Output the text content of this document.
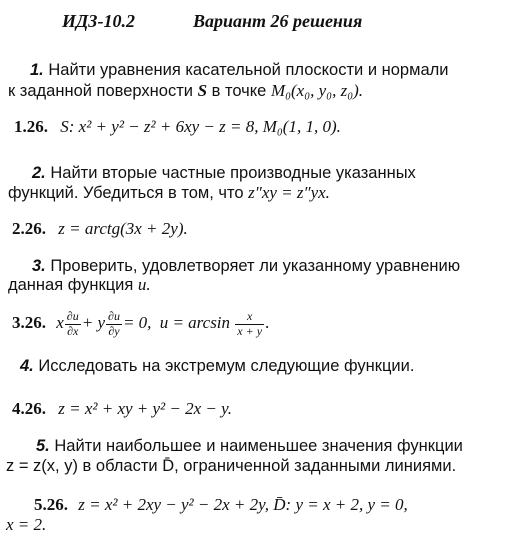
ИДЗ-10.2	Вариант 26 решения
1. Найти уравнения касательной плоскости и нормали
к заданной поверхности S в точке M₀(x₀, y₀, z₀).
1.26. S: x² + y² − z² + 6xy − z = 8, M₀(1, 1, 0).
2. Найти вторые частные производные указанных
функций. Убедиться в том, что z″xy = z″yx.
2.26. z = arctg(3x + 2y).
3. Проверить, удовлетворяет ли указанному уравнению
данная функция u.
3.26. x $\frac{\partial u}{\partial x} + y \frac{\partial u}{\partial y} = 0$, $u = \arcsin \frac{x}{x + y}$ .
4. Исследовать на экстремум следующие функции.
4.26. z = x² + xy + y² − 2x − y.
5. Найти наибольшее и наименьшее значения функции
z = z(x, y) в области D̄, ограниченной заданными линиями.
5.26. z = x² + 2xy − y² − 2x + 2y, D̄: y = x + 2, y = 0,
x = 2.
